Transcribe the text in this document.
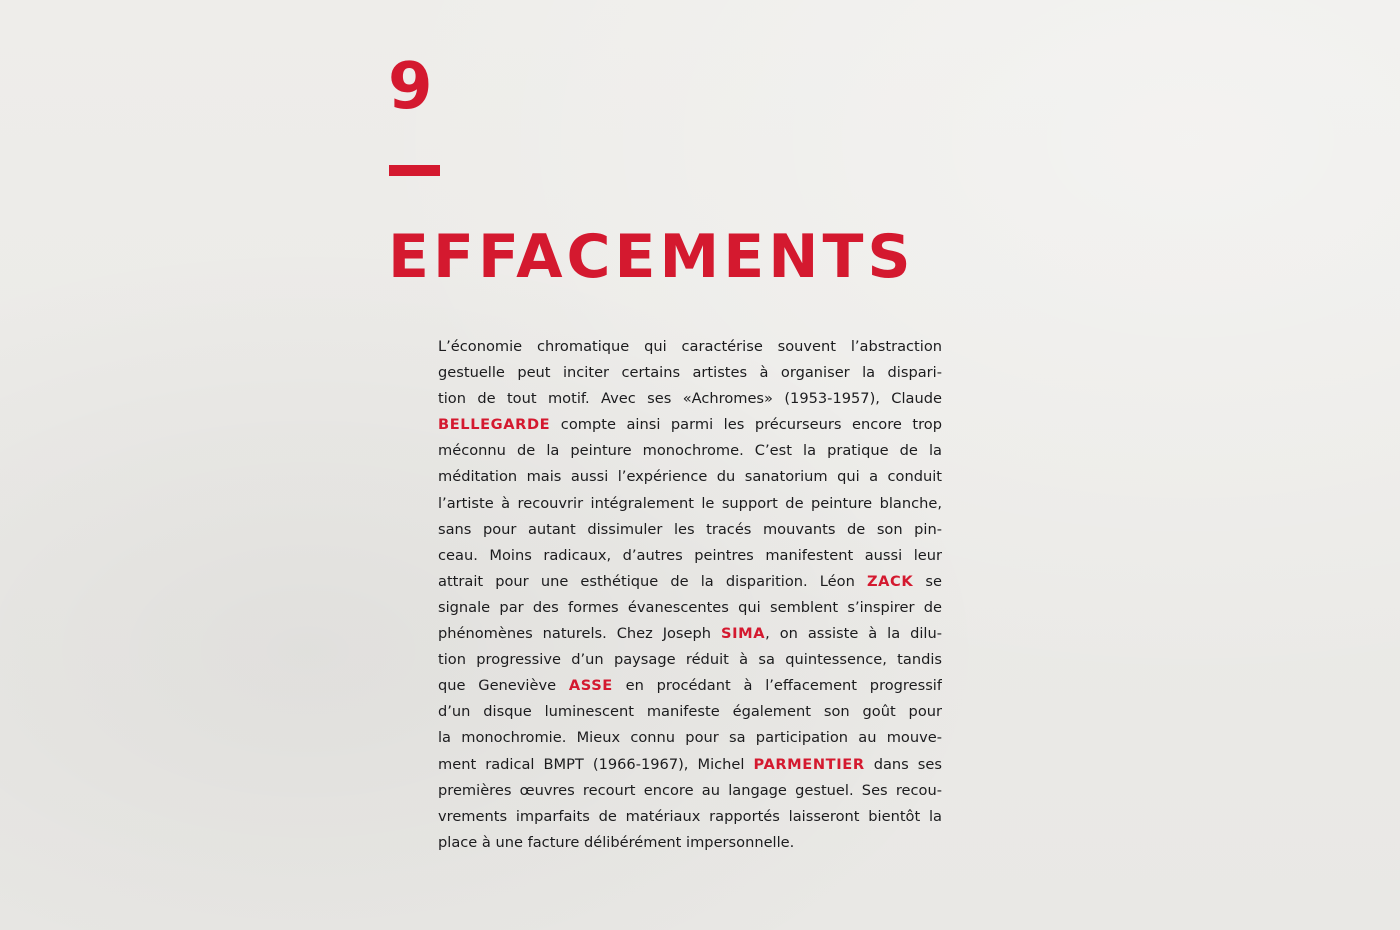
9
EFFACEMENTS
L’économie chromatique qui caractérise souvent l’abstraction
gestuelle peut inciter certains artistes à organiser la dispari-
tion de tout motif. Avec ses «Achromes» (1953-1957), Claude
BELLEGARDE compte ainsi parmi les précurseurs encore trop
méconnu de la peinture monochrome. C’est la pratique de la
méditation mais aussi l’expérience du sanatorium qui a conduit
l’artiste à recouvrir intégralement le support de peinture blanche,
sans pour autant dissimuler les tracés mouvants de son pin-
ceau. Moins radicaux, d’autres peintres manifestent aussi leur
attrait pour une esthétique de la disparition. Léon ZACK se
signale par des formes évanescentes qui semblent s’inspirer de
phénomènes naturels. Chez Joseph SIMA, on assiste à la dilu-
tion progressive d’un paysage réduit à sa quintessence, tandis
que Geneviève ASSE en procédant à l’effacement progressif
d’un disque luminescent manifeste également son goût pour
la monochromie. Mieux connu pour sa participation au mouve-
ment radical BMPT (1966-1967), Michel PARMENTIER dans ses
premières œuvres recourt encore au langage gestuel. Ses recou-
vrements imparfaits de matériaux rapportés laisseront bientôt la
place à une facture délibérément impersonnelle.
